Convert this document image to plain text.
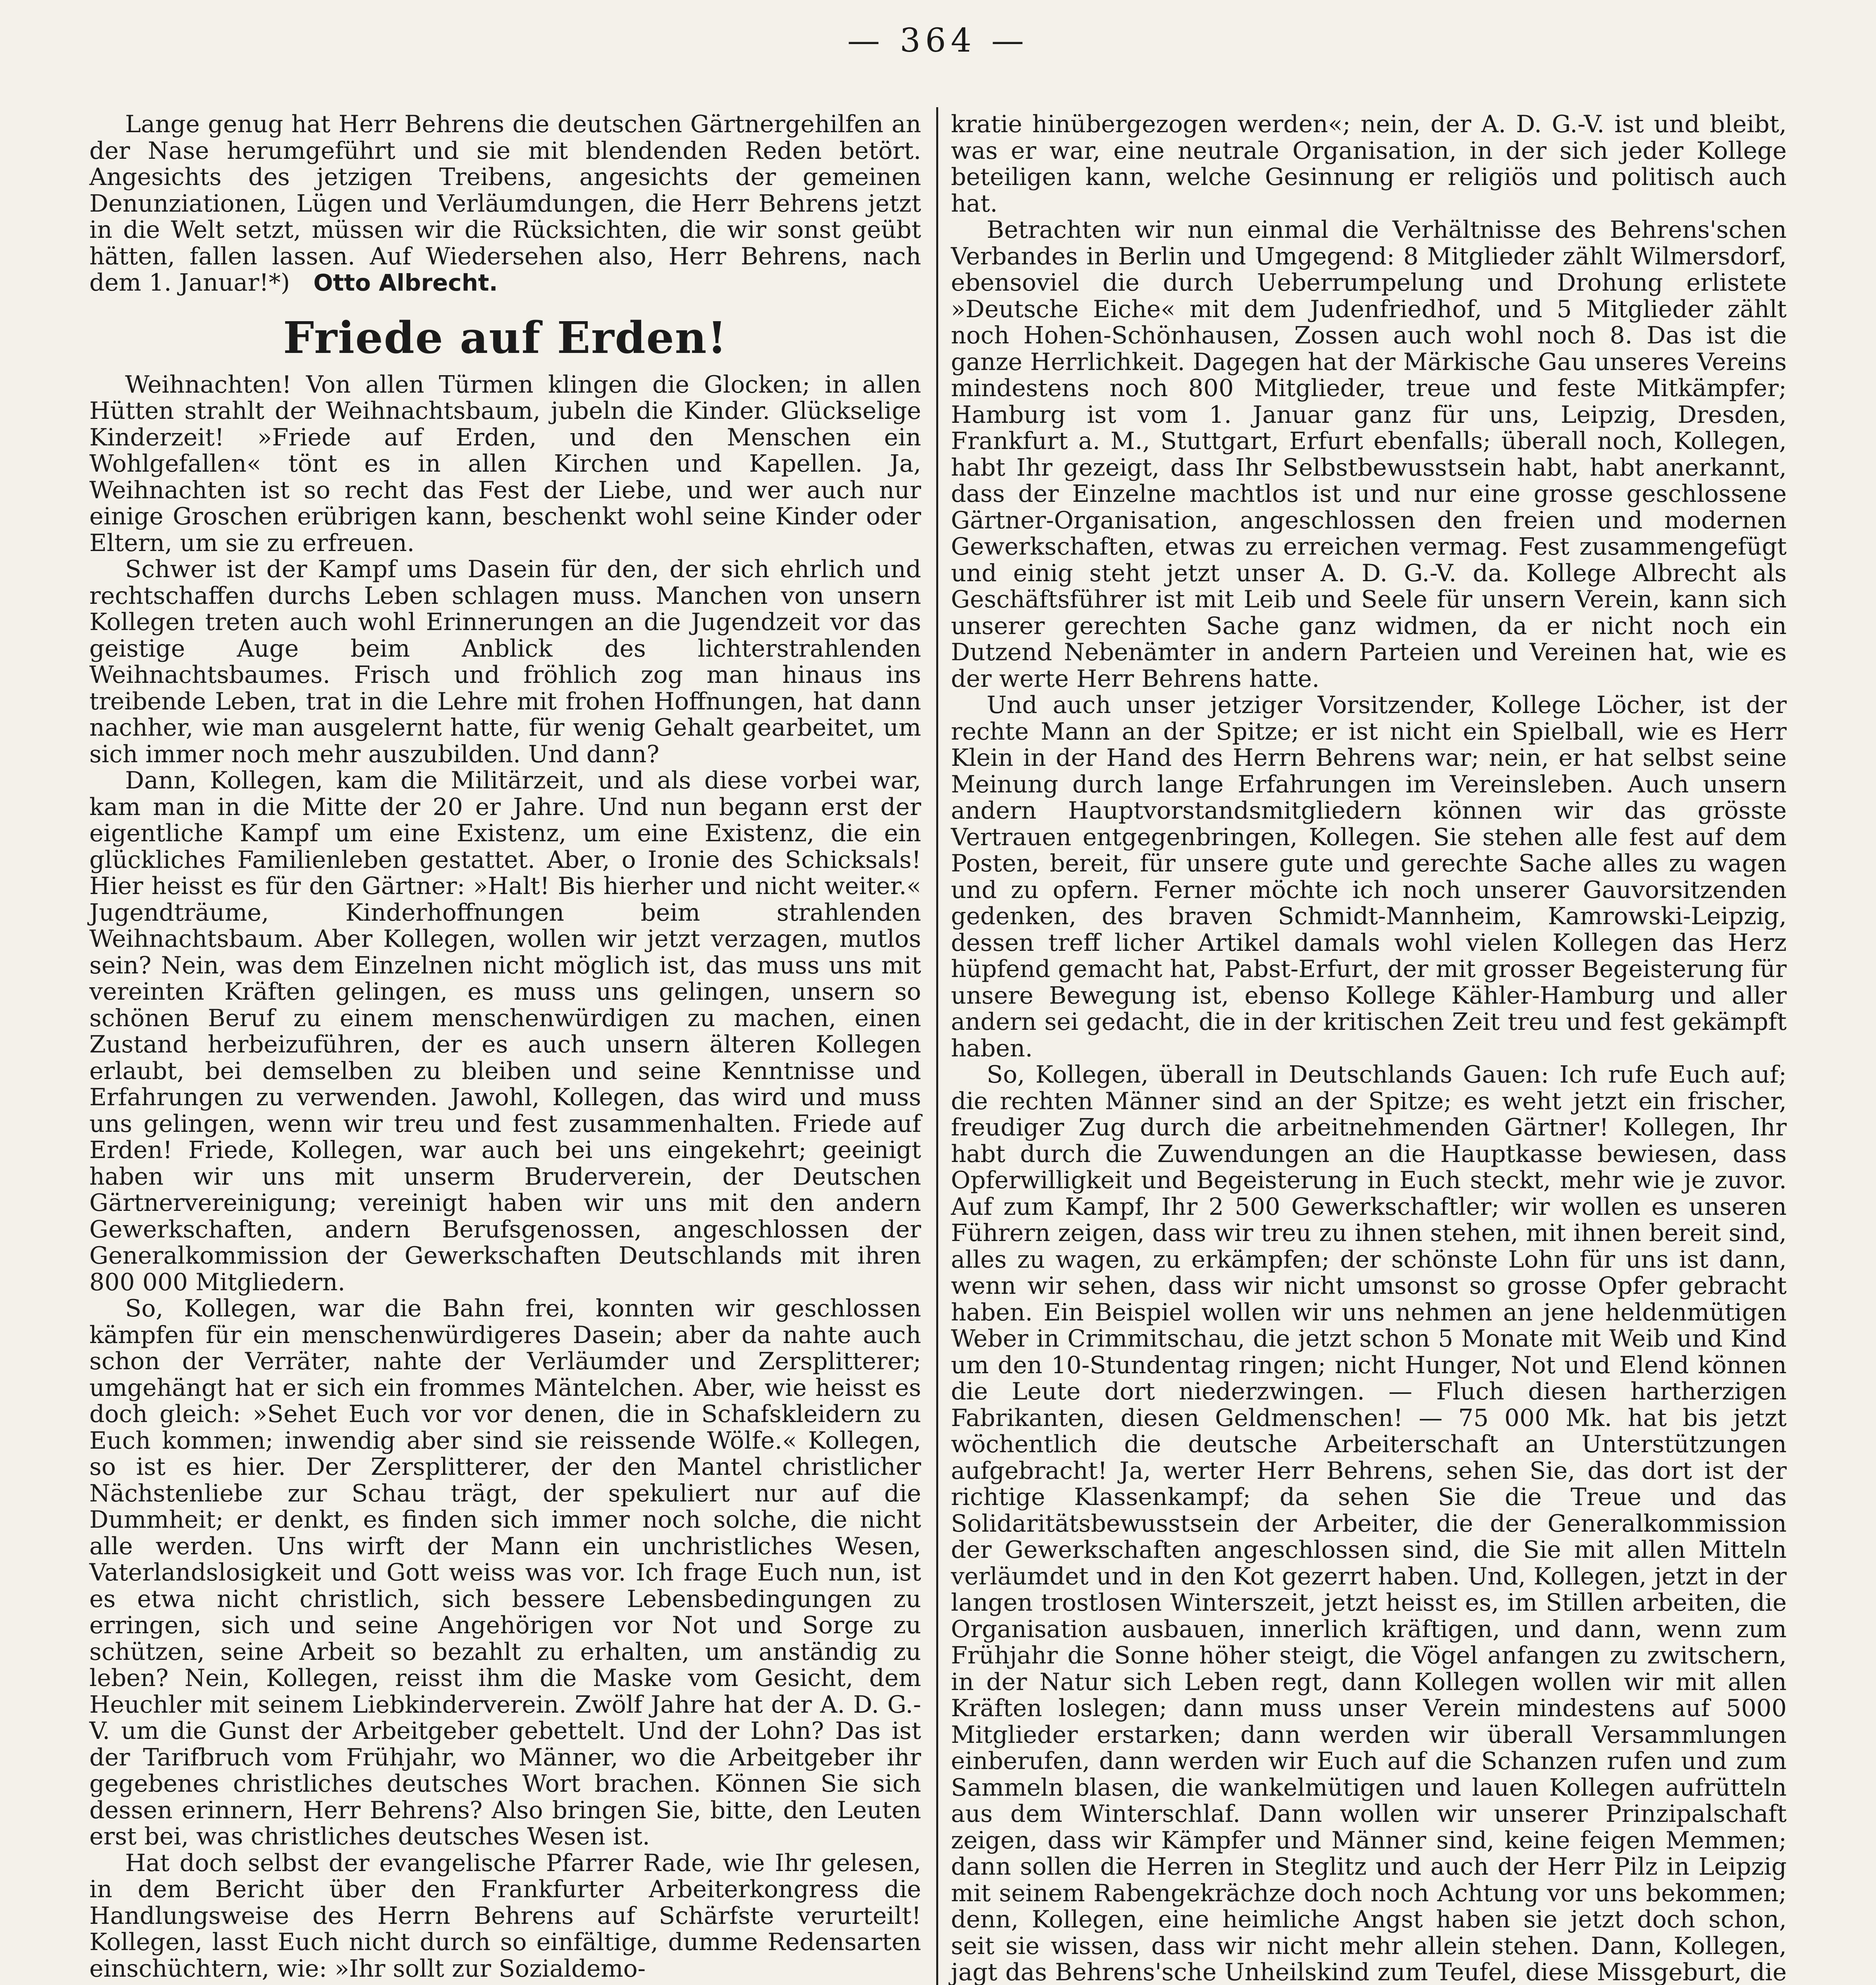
— 364 —

Lange genug hat Herr Behrens die deutschen Gärtnergehilfen an der Nase herumgeführt und sie mit blendenden Reden betört. Angesichts des jetzigen Treibens, angesichts der gemeinen Denunziationen, Lügen und Verläumdungen, die Herr Behrens jetzt in die Welt setzt, müssen wir die Rücksichten, die wir sonst geübt hätten, fallen lassen. Auf Wiedersehen also, Herr Behrens, nach dem 1. Januar!*) Otto Albrecht.

Friede auf Erden!

Weihnachten! Von allen Türmen klingen die Glocken; in allen Hütten strahlt der Weihnachtsbaum, jubeln die Kinder. Glückselige Kinderzeit! »Friede auf Erden, und den Menschen ein Wohlgefallen« tönt es in allen Kirchen und Kapellen. Ja, Weihnachten ist so recht das Fest der Liebe, und wer auch nur einige Groschen erübrigen kann, beschenkt wohl seine Kinder oder Eltern, um sie zu erfreuen.

Schwer ist der Kampf ums Dasein für den, der sich ehrlich und rechtschaffen durchs Leben schlagen muss. Manchen von unsern Kollegen treten auch wohl Erinnerungen an die Jugendzeit vor das geistige Auge beim Anblick des lichterstrahlenden Weihnachtsbaumes. Frisch und fröhlich zog man hinaus ins treibende Leben, trat in die Lehre mit frohen Hoffnungen, hat dann nachher, wie man ausgelernt hatte, für wenig Gehalt gearbeitet, um sich immer noch mehr auszubilden. Und dann?

Dann, Kollegen, kam die Militärzeit, und als diese vorbei war, kam man in die Mitte der 20 er Jahre. Und nun begann erst der eigentliche Kampf um eine Existenz, um eine Existenz, die ein glückliches Familienleben gestattet. Aber, o Ironie des Schicksals! Hier heisst es für den Gärtner: »Halt! Bis hierher und nicht weiter.« Jugendträume, Kinderhoffnungen beim strahlenden Weihnachtsbaum. Aber Kollegen, wollen wir jetzt verzagen, mutlos sein? Nein, was dem Einzelnen nicht möglich ist, das muss uns mit vereinten Kräften gelingen, es muss uns gelingen, unsern so schönen Beruf zu einem menschenwürdigen zu machen, einen Zustand herbeizuführen, der es auch unsern älteren Kollegen erlaubt, bei demselben zu bleiben und seine Kenntnisse und Erfahrungen zu verwenden. Jawohl, Kollegen, das wird und muss uns gelingen, wenn wir treu und fest zusammenhalten. Friede auf Erden! Friede, Kollegen, war auch bei uns eingekehrt; geeinigt haben wir uns mit unserm Bruderverein, der Deutschen Gärtnervereinigung; vereinigt haben wir uns mit den andern Gewerkschaften, andern Berufsgenossen, angeschlossen der Generalkommission der Gewerkschaften Deutschlands mit ihren 800 000 Mitgliedern.

So, Kollegen, war die Bahn frei, konnten wir geschlossen kämpfen für ein menschenwürdigeres Dasein; aber da nahte auch schon der Verräter, nahte der Verläumder und Zersplitterer; umgehängt hat er sich ein frommes Mäntelchen. Aber, wie heisst es doch gleich: »Sehet Euch vor vor denen, die in Schafskleidern zu Euch kommen; inwendig aber sind sie reissende Wölfe.« Kollegen, so ist es hier. Der Zersplitterer, der den Mantel christlicher Nächstenliebe zur Schau trägt, der spekuliert nur auf die Dummheit; er denkt, es finden sich immer noch solche, die nicht alle werden. Uns wirft der Mann ein unchristliches Wesen, Vaterlandslosigkeit und Gott weiss was vor. Ich frage Euch nun, ist es etwa nicht christlich, sich bessere Lebensbedingungen zu erringen, sich und seine Angehörigen vor Not und Sorge zu schützen, seine Arbeit so bezahlt zu erhalten, um anständig zu leben? Nein, Kollegen, reisst ihm die Maske vom Gesicht, dem Heuchler mit seinem Liebkinderverein. Zwölf Jahre hat der A. D. G.-V. um die Gunst der Arbeitgeber gebettelt. Und der Lohn? Das ist der Tarifbruch vom Frühjahr, wo Männer, wo die Arbeitgeber ihr gegebenes christliches deutsches Wort brachen. Können Sie sich dessen erinnern, Herr Behrens? Also bringen Sie, bitte, den Leuten erst bei, was christliches deutsches Wesen ist.

Hat doch selbst der evangelische Pfarrer Rade, wie Ihr gelesen, in dem Bericht über den Frankfurter Arbeiterkongress die Handlungsweise des Herrn Behrens auf Schärfste verurteilt! Kollegen, lasst Euch nicht durch so einfältige, dumme Redensarten einschüchtern, wie: »Ihr sollt zur Sozialdemo-

kratie hinübergezogen werden«; nein, der A. D. G.-V. ist und bleibt, was er war, eine neutrale Organisation, in der sich jeder Kollege beteiligen kann, welche Gesinnung er religiös und politisch auch hat.

Betrachten wir nun einmal die Verhältnisse des Behrens'schen Verbandes in Berlin und Umgegend: 8 Mitglieder zählt Wilmersdorf, ebensoviel die durch Ueberrumpelung und Drohung erlistete »Deutsche Eiche« mit dem Judenfriedhof, und 5 Mitglieder zählt noch Hohen-Schönhausen, Zossen auch wohl noch 8. Das ist die ganze Herrlichkeit. Dagegen hat der Märkische Gau unseres Vereins mindestens noch 800 Mitglieder, treue und feste Mitkämpfer; Hamburg ist vom 1. Januar ganz für uns, Leipzig, Dresden, Frankfurt a. M., Stuttgart, Erfurt ebenfalls; überall noch, Kollegen, habt Ihr gezeigt, dass Ihr Selbstbewusstsein habt, habt anerkannt, dass der Einzelne machtlos ist und nur eine grosse geschlossene Gärtner-Organisation, angeschlossen den freien und modernen Gewerkschaften, etwas zu erreichen vermag. Fest zusammengefügt und einig steht jetzt unser A. D. G.-V. da. Kollege Albrecht als Geschäftsführer ist mit Leib und Seele für unsern Verein, kann sich unserer gerechten Sache ganz widmen, da er nicht noch ein Dutzend Nebenämter in andern Parteien und Vereinen hat, wie es der werte Herr Behrens hatte.

Und auch unser jetziger Vorsitzender, Kollege Löcher, ist der rechte Mann an der Spitze; er ist nicht ein Spielball, wie es Herr Klein in der Hand des Herrn Behrens war; nein, er hat selbst seine Meinung durch lange Erfahrungen im Vereinsleben. Auch unsern andern Hauptvorstandsmitgliedern können wir das grösste Vertrauen entgegenbringen, Kollegen. Sie stehen alle fest auf dem Posten, bereit, für unsere gute und gerechte Sache alles zu wagen und zu opfern. Ferner möchte ich noch unserer Gauvorsitzenden gedenken, des braven Schmidt-Mannheim, Kamrowski-Leipzig, dessen treff licher Artikel damals wohl vielen Kollegen das Herz hüpfend gemacht hat, Pabst-Erfurt, der mit grosser Begeisterung für unsere Bewegung ist, ebenso Kollege Kähler-Hamburg und aller andern sei gedacht, die in der kritischen Zeit treu und fest gekämpft haben.

So, Kollegen, überall in Deutschlands Gauen: Ich rufe Euch auf; die rechten Männer sind an der Spitze; es weht jetzt ein frischer, freudiger Zug durch die arbeitnehmenden Gärtner! Kollegen, Ihr habt durch die Zuwendungen an die Hauptkasse bewiesen, dass Opferwilligkeit und Begeisterung in Euch steckt, mehr wie je zuvor. Auf zum Kampf, Ihr 2 500 Gewerkschaftler; wir wollen es unseren Führern zeigen, dass wir treu zu ihnen stehen, mit ihnen bereit sind, alles zu wagen, zu erkämpfen; der schönste Lohn für uns ist dann, wenn wir sehen, dass wir nicht umsonst so grosse Opfer gebracht haben. Ein Beispiel wollen wir uns nehmen an jene heldenmütigen Weber in Crimmitschau, die jetzt schon 5 Monate mit Weib und Kind um den 10-Stundentag ringen; nicht Hunger, Not und Elend können die Leute dort niederzwingen. — Fluch diesen hartherzigen Fabrikanten, diesen Geldmenschen! — 75 000 Mk. hat bis jetzt wöchentlich die deutsche Arbeiterschaft an Unterstützungen aufgebracht! Ja, werter Herr Behrens, sehen Sie, das dort ist der richtige Klassenkampf; da sehen Sie die Treue und das Solidaritätsbewusstsein der Arbeiter, die der Generalkommission der Gewerkschaften angeschlossen sind, die Sie mit allen Mitteln verläumdet und in den Kot gezerrt haben. Und, Kollegen, jetzt in der langen trostlosen Winterszeit, jetzt heisst es, im Stillen arbeiten, die Organisation ausbauen, innerlich kräftigen, und dann, wenn zum Frühjahr die Sonne höher steigt, die Vögel anfangen zu zwitschern, in der Natur sich Leben regt, dann Kollegen wollen wir mit allen Kräften loslegen; dann muss unser Verein mindestens auf 5000 Mitglieder erstarken; dann werden wir überall Versammlungen einberufen, dann werden wir Euch auf die Schanzen rufen und zum Sammeln blasen, die wankelmütigen und lauen Kollegen aufrütteln aus dem Winterschlaf. Dann wollen wir unserer Prinzipalschaft zeigen, dass wir Kämpfer und Männer sind, keine feigen Memmen; dann sollen die Herren in Steglitz und auch der Herr Pilz in Leipzig mit seinem Rabengekrächze doch noch Achtung vor uns bekommen; denn, Kollegen, eine heimliche Angst haben sie jetzt doch schon, seit sie wissen, dass wir nicht mehr allein stehen. Dann, Kollegen, jagt das Behrens'sche Unheilskind zum Teufel, diese Missgeburt, die
